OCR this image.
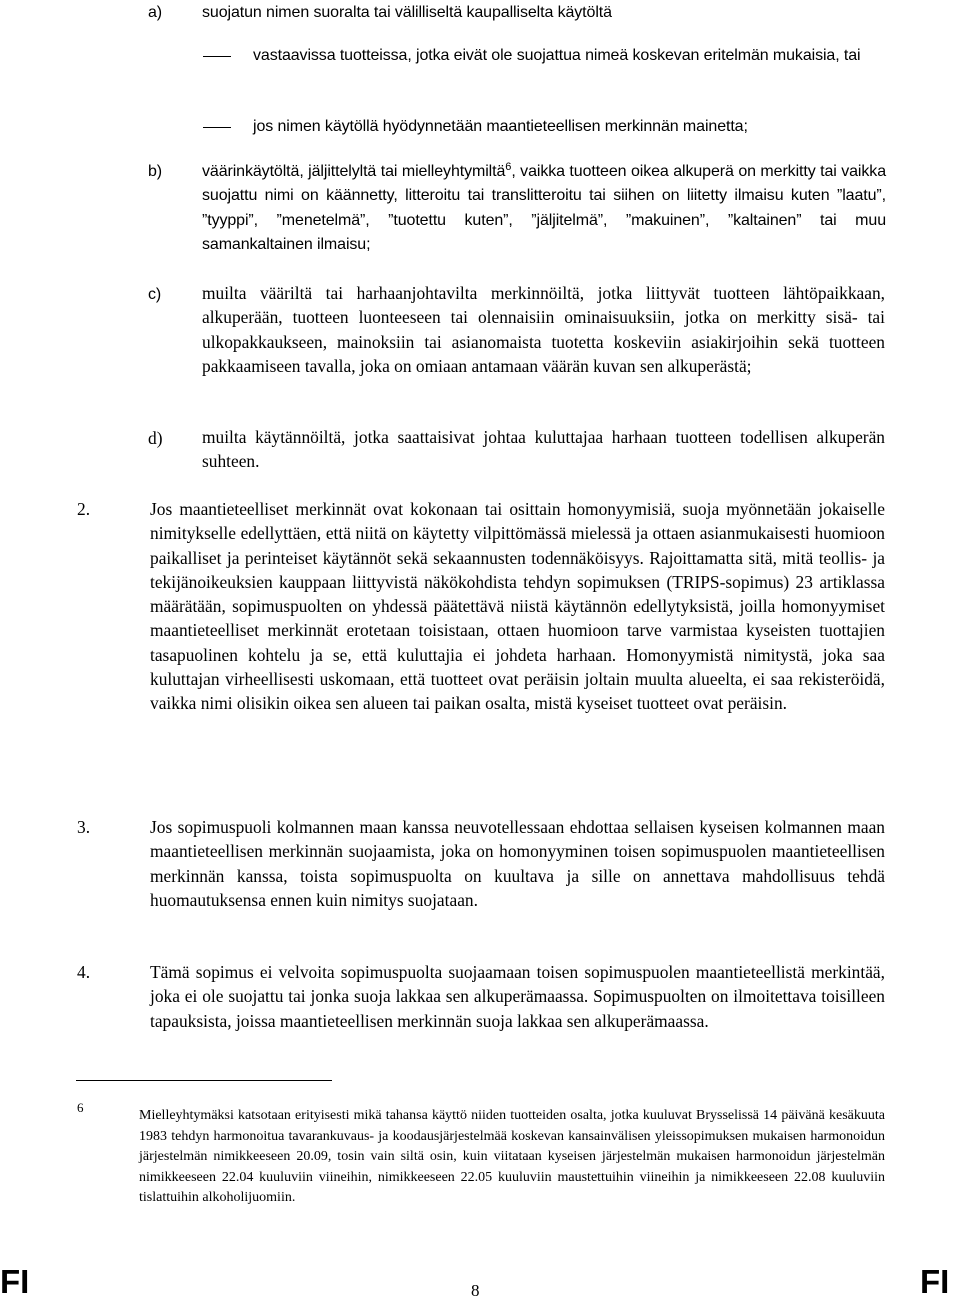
a) suojatun nimen suoralta tai välilliseltä kaupalliselta käytöltä
vastaavissa tuotteissa, jotka eivät ole suojattua nimeä koskevan eritelmän mukaisia, tai
jos nimen käytöllä hyödynnetään maantieteellisen merkinnän mainetta;
b) väärinkäytöltä, jäljittelyltä tai mielleyhtymiltä$^6$, vaikka tuotteen oikea alkuperä on merkitty tai vaikka suojattu nimi on käännetty, litteroitu tai translitteroitu tai siihen on liitetty ilmaisu kuten ”laatu”, ”tyyppi”, ”menetelmä”, ”tuotettu kuten”, ”jäljitelmä”, ”makuinen”, ”kaltainen” tai muu samankaltainen ilmaisu;
c) muilta vääriltä tai harhaanjohtavilta merkinnöiltä, jotka liittyvät tuotteen lähtöpaikkaan, alkuperään, tuotteen luonteeseen tai olennaisiin ominaisuuksiin, jotka on merkitty sisä- tai ulkopakkaukseen, mainoksiin tai asianomaista tuotetta koskeviin asiakirjoihin sekä tuotteen pakkaamiseen tavalla, joka on omiaan antamaan väärän kuvan sen alkuperästä;
d) muilta käytännöiltä, jotka saattaisivat johtaa kuluttajaa harhaan tuotteen todellisen alkuperän suhteen.
2.	Jos maantieteelliset merkinnät ovat kokonaan tai osittain homonyymisiä, suoja myönnetään jokaiselle nimitykselle edellyttäen, että niitä on käytetty vilpittömässä mielessä ja ottaen asianmukaisesti huomioon paikalliset ja perinteiset käytännöt sekä sekaannusten todennäköisyys. Rajoittamatta sitä, mitä teollis- ja tekijänoikeuksien kauppaan liittyvistä näkökohdista tehdyn sopimuksen (TRIPS-sopimus) 23 artiklassa määrätään, sopimuspuolten on yhdessä päätettävä niistä käytännön edellytyksistä, joilla homonyymiset maantieteelliset merkinnät erotetaan toisistaan, ottaen huomioon tarve varmistaa kyseisten tuottajien tasapuolinen kohtelu ja se, että kuluttajia ei johdeta harhaan. Homonyymistä nimitystä, joka saa kuluttajan virheellisesti uskomaan, että tuotteet ovat peräisin joltain muulta alueelta, ei saa rekisteröidä, vaikka nimi olisikin oikea sen alueen tai paikan osalta, mistä kyseiset tuotteet ovat peräisin.
3.	Jos sopimuspuoli kolmannen maan kanssa neuvotellessaan ehdottaa sellaisen kyseisen kolmannen maan maantieteellisen merkinnän suojaamista, joka on homonyyminen toisen sopimuspuolen maantieteellisen merkinnän kanssa, toista sopimuspuolta on kuultava ja sille on annettava mahdollisuus tehdä huomautuksensa ennen kuin nimitys suojataan.
4.	Tämä sopimus ei velvoita sopimuspuolta suojaamaan toisen sopimuspuolen maantieteellistä merkintää, joka ei ole suojattu tai jonka suoja lakkaa sen alkuperämaassa. Sopimuspuolten on ilmoitettava toisilleen tapauksista, joissa maantieteellisen merkinnän suoja lakkaa sen alkuperämaassa.
6
Mielleyhtymäksi katsotaan erityisesti mikä tahansa käyttö niiden tuotteiden osalta, jotka kuuluvat Brysselissä 14 päivänä kesäkuuta 1983 tehdyn harmonoitua tavarankuvaus- ja koodausjärjestelmää koskevan kansainvälisen yleissopimuksen mukaisen harmonoidun järjestelmän nimikkeeseen 20.09, tosin vain siltä osin, kuin viitataan kyseisen järjestelmän mukaisen harmonoidun järjestelmän nimikkeeseen 22.04 kuuluviin viineihin, nimikkeeseen 22.05 kuuluviin maustettuihin viineihin ja nimikkeeseen 22.08 kuuluviin tislattuihin alkoholijuomiin.
FI	8	FI
